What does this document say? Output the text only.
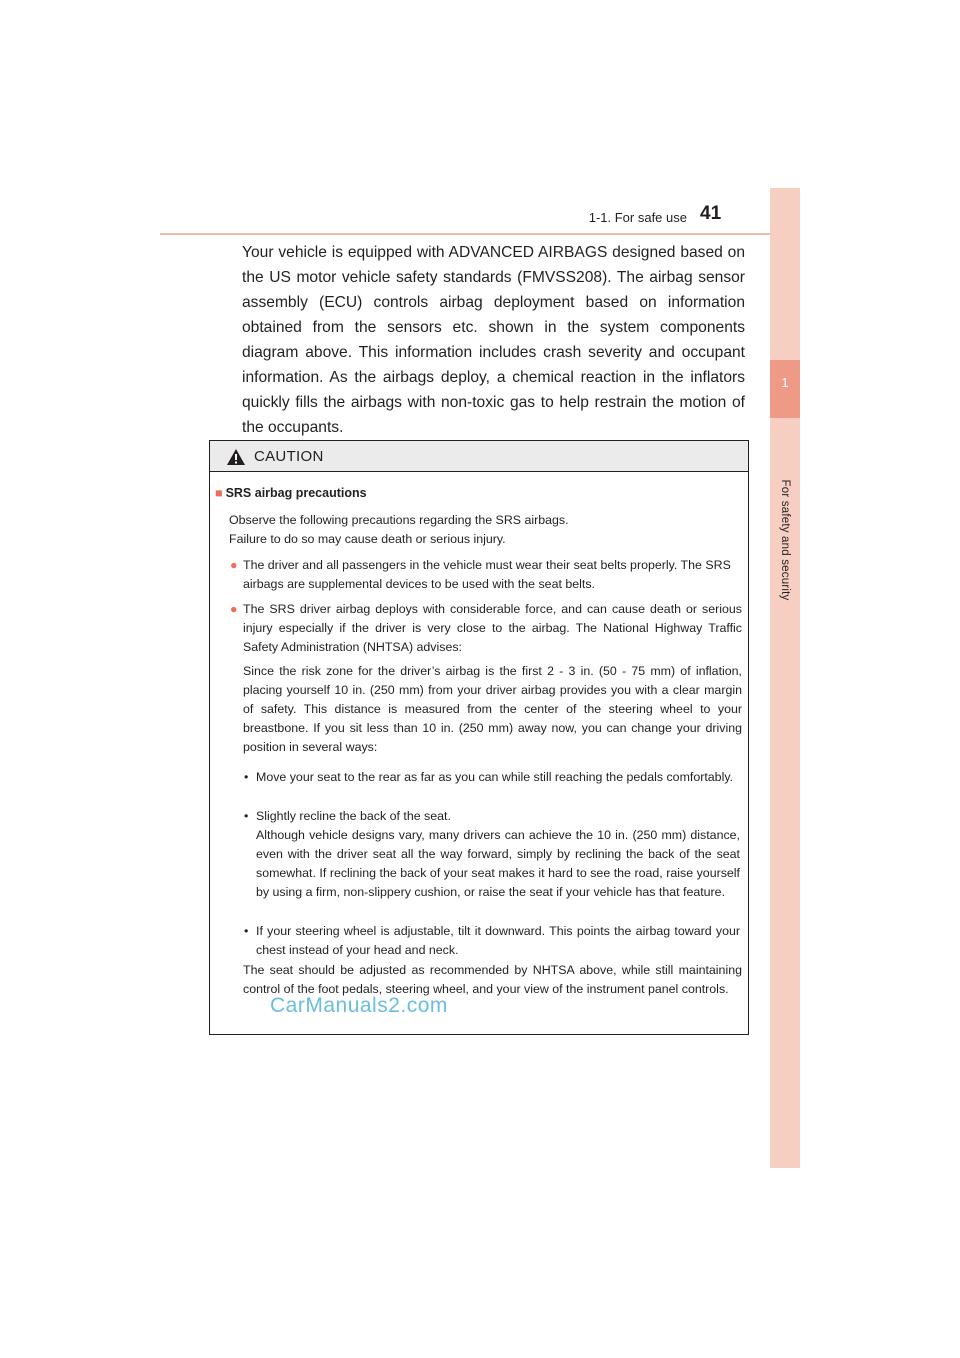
1-1. For safe use 41
1
For safety and security

Your vehicle is equipped with ADVANCED AIRBAGS designed based on the US motor vehicle safety standards (FMVSS208). The airbag sensor assembly (ECU) controls airbag deployment based on information obtained from the sensors etc. shown in the system components diagram above. This information includes crash severity and occupant information. As the airbags deploy, a chemical reaction in the inflators quickly fills the airbags with non-toxic gas to help restrain the motion of the occupants.

CAUTION
■ SRS airbag precautions

Observe the following precautions regarding the SRS airbags.

Failure to do so may cause death or serious injury.

● The driver and all passengers in the vehicle must wear their seat belts properly. The SRS airbags are supplemental devices to be used with the seat belts.
● The SRS driver airbag deploys with considerable force, and can cause death or serious injury especially if the driver is very close to the airbag. The National Highway Traffic Safety Administration (NHTSA) advises:

Since the risk zone for the driver’s airbag is the first 2 - 3 in. (50 - 75 mm) of inflation, placing yourself 10 in. (250 mm) from your driver airbag provides you with a clear margin of safety. This distance is measured from the center of the steering wheel to your breastbone. If you sit less than 10 in. (250 mm) away now, you can change your driving position in several ways:

• Move your seat to the rear as far as you can while still reaching the pedals comfortably.
• Slightly recline the back of the seat.

Although vehicle designs vary, many drivers can achieve the 10 in. (250 mm) distance, even with the driver seat all the way forward, simply by reclining the back of the seat somewhat. If reclining the back of your seat makes it hard to see the road, raise yourself by using a firm, non-slippery cushion, or raise the seat if your vehicle has that feature.

• If your steering wheel is adjustable, tilt it downward. This points the airbag toward your chest instead of your head and neck.

The seat should be adjusted as recommended by NHTSA above, while still maintaining control of the foot pedals, steering wheel, and your view of the instrument panel controls.

CarManuals2.com
